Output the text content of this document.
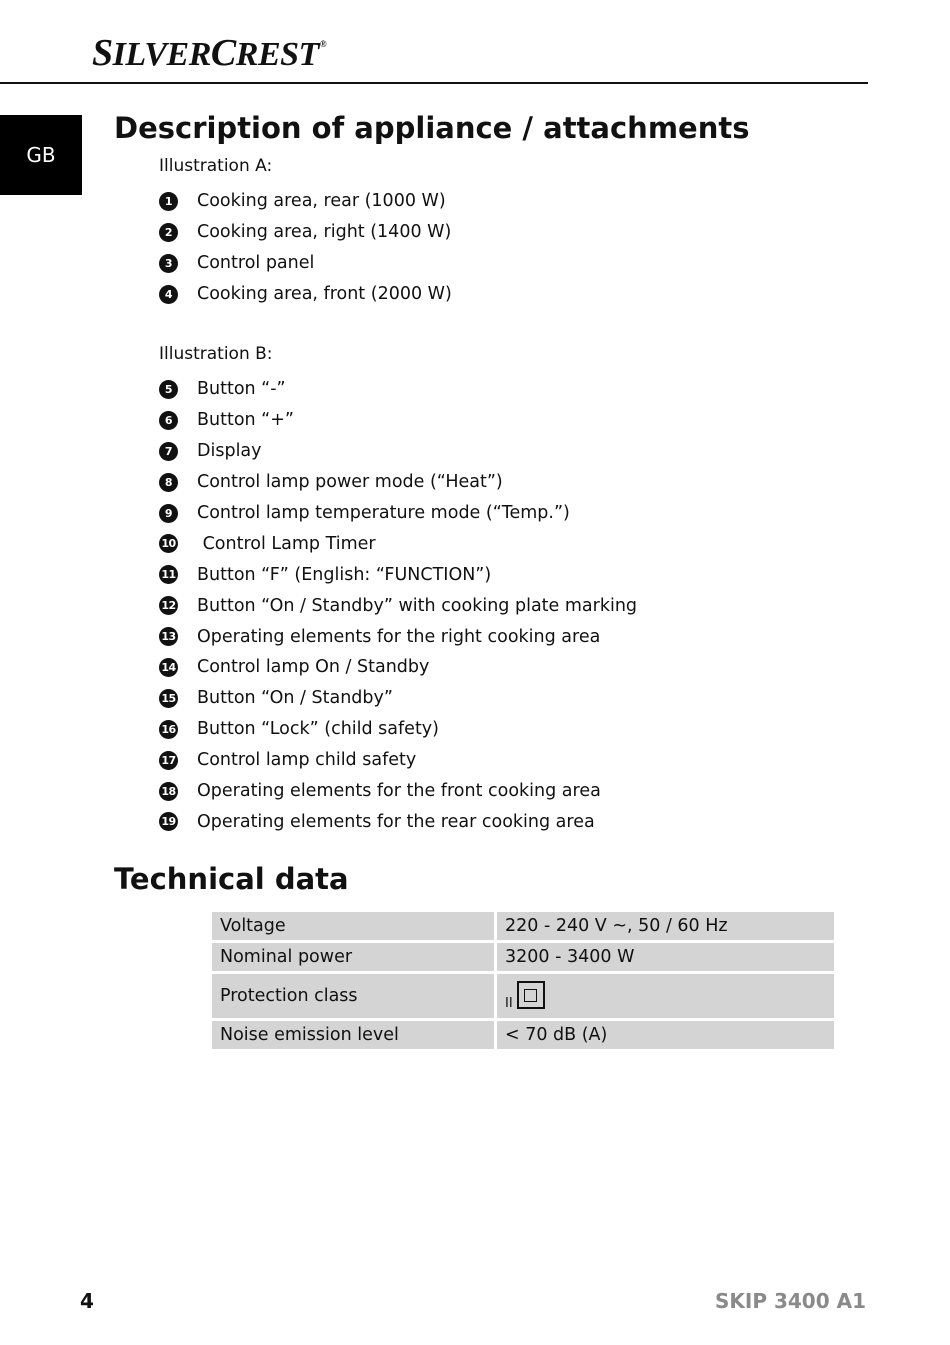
SILVERCREST®
GB
Description of appliance / attachments
Illustration A:
1	Cooking area, rear (1000 W)
2	Cooking area, right (1400 W)
3	Control panel
4	Cooking area, front (2000 W)
Illustration B:
5	Button “-”
6	Button “+”
7	Display
8	Control lamp power mode (“Heat”)
9	Control lamp temperature mode (“Temp.”)
10 Control Lamp Timer
11 Button “F” (English: “FUNCTION”)
12 Button “On / Standby” with cooking plate marking
13 Operating elements for the right cooking area
14 Control lamp On / Standby
15 Button “On / Standby”
16 Button “Lock” (child safety)
17 Control lamp child safety
18 Operating elements for the front cooking area
19 Operating elements for the rear cooking area
Technical data
Voltage	220 - 240 V ~, 50 / 60 Hz
Nominal power	3200 - 3400 W
Protection class	II

Noise emission level	< 70 dB (A)
4	SKIP 3400 A1
